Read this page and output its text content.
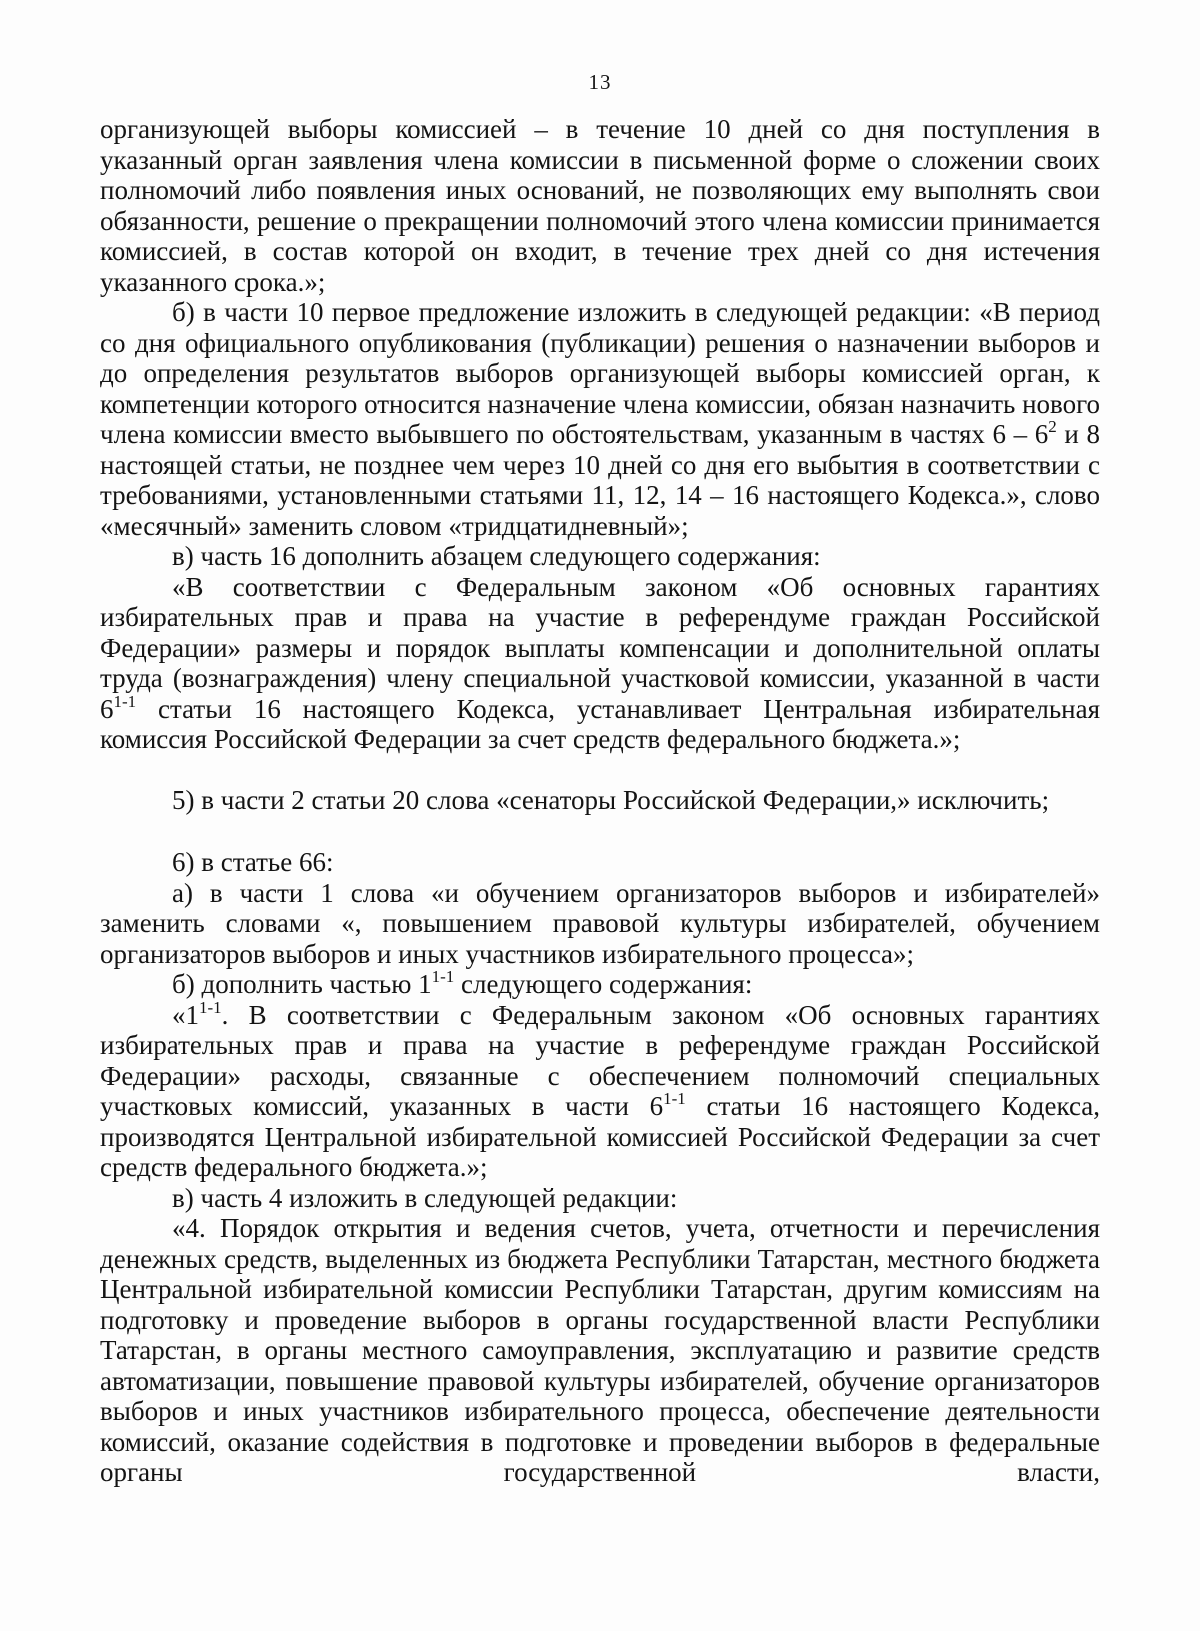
13

организующей выборы комиссией – в течение 10 дней со дня поступления в указанный орган заявления члена комиссии в письменной форме о сложении своих полномочий либо появления иных оснований, не позволяющих ему выполнять свои обязанности, решение о прекращении полномочий этого члена комиссии принимается комиссией, в состав которой он входит, в течение трех дней со дня истечения указанного срока.»;

б) в части 10 первое предложение изложить в следующей редакции: «В период со дня официального опубликования (публикации) решения о назначении выборов и до определения результатов выборов организующей выборы комиссией орган, к компетенции которого относится назначение члена комиссии, обязан назначить нового члена комиссии вместо выбывшего по обстоятельствам, указанным в частях $6 - 6^2$ и 8 настоящей статьи, не позднее чем через 10 дней со дня его выбытия в соответствии с требованиями, установленными статьями 11, 12, 14 – 16 настоящего Кодекса.», слово «месячный» заменить словом «тридцатидневный»;

в) часть 16 дополнить абзацем следующего содержания:

«В соответствии с Федеральным законом «Об основных гарантиях избирательных прав и права на участие в референдуме граждан Российской Федерации» размеры и порядок выплаты компенсации и дополнительной оплаты труда (вознаграждения) члену специальной участковой комиссии, указанной в части 6$^{1-1}$ статьи 16 настоящего Кодекса, устанавливает Центральная избирательная комиссия Российской Федерации за счет средств федерального бюджета.»;

5) в части 2 статьи 20 слова «сенаторы Российской Федерации,» исключить;

6) в статье 66:

а) в части 1 слова «и обучением организаторов выборов и избирателей» заменить словами «, повышением правовой культуры избирателей, обучением организаторов выборов и иных участников избирательного процесса»;

б) дополнить частью 1$^{1-1}$ следующего содержания:

«1$^{1-1}$. В соответствии с Федеральным законом «Об основных гарантиях избирательных прав и права на участие в референдуме граждан Российской Федерации» расходы, связанные с обеспечением полномочий специальных участковых комиссий, указанных в части 6$^{1-1}$ статьи 16 настоящего Кодекса, производятся Центральной избирательной комиссией Российской Федерации за счет средств федерального бюджета.»;

в) часть 4 изложить в следующей редакции:

«4. Порядок открытия и ведения счетов, учета, отчетности и перечисления денежных средств, выделенных из бюджета Республики Татарстан, местного бюджета Центральной избирательной комиссии Республики Татарстан, другим комиссиям на подготовку и проведение выборов в органы государственной власти Республики Татарстан, в органы местного самоуправления, эксплуатацию и развитие средств автоматизации, повышение правовой культуры избирателей, обучение организаторов выборов и иных участников избирательного процесса, обеспечение деятельности комиссий, оказание содействия в подготовке и проведении выборов в федеральные органы государственной власти,
